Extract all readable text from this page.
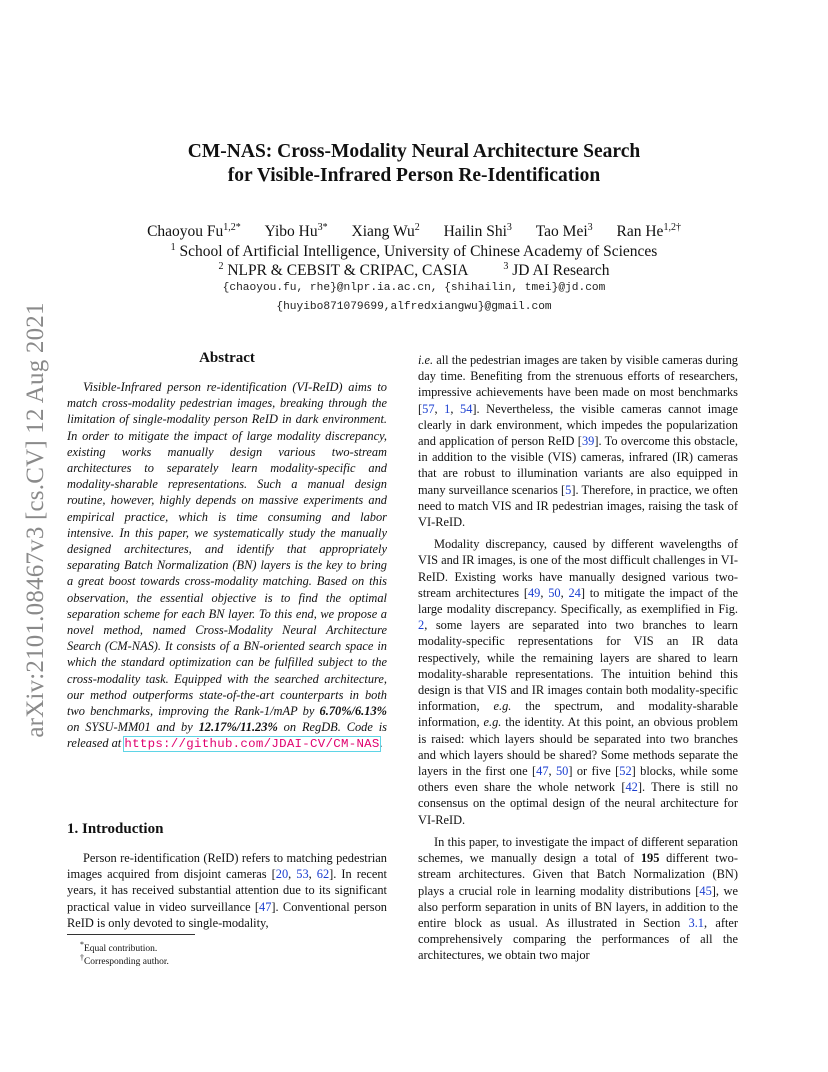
arXiv:2101.08467v3 [cs.CV] 12 Aug 2021
CM-NAS: Cross-Modality Neural Architecture Search
for Visible-Infrared Person Re-Identification
Chaoyou $Fu^{1,2*}$ Yibo $Hu^{3*}$ Xiang Wu$^2$ Hailin Shi$^3$ Tao Mei$^3$ Ran $He^{1,2\dagger}$
$^1$ School of Artificial Intelligence, University of Chinese Academy of Sciences
$^2$ NLPR & CEBSIT & CRIPAC, CASIA	$^3$ JD AI Research
{chaoyou.fu, rhe}@nlpr.ia.ac.cn, {shihailin, tmei}@jd.com
{huyibo871079699,alfredxiangwu}@gmail.com
Abstract

Visible-Infrared person re-identification (VI-ReID) aims to match cross-modality pedestrian images, breaking through the limitation of single-modality person ReID in dark environment. In order to mitigate the impact of large modality discrepancy, existing works manually design various two-stream architectures to separately learn modality-specific and modality-sharable representations. Such a manual design routine, however, highly depends on massive experiments and empirical practice, which is time consuming and labor intensive. In this paper, we systematically study the manually designed architectures, and identify that appropriately separating Batch Normalization (BN) layers is the key to bring a great boost towards cross-modality matching. Based on this observation, the essential objective is to find the optimal separation scheme for each BN layer. To this end, we propose a novel method, named Cross-Modality Neural Architecture Search (CM-NAS). It consists of a BN-oriented search space in which the standard optimization can be fulfilled subject to the cross-modality task. Equipped with the searched architecture, our method outperforms state-of-the-art counterparts in both two benchmarks, improving the Rank-1/mAP by 6.70%/6.13% on SYSU-MM01 and by 12.17%/11.23% on RegDB. Code is released at https://github.com/JDAI-CV/CM-NAS.

1. Introduction

Person re-identification (ReID) refers to matching pedestrian images acquired from disjoint cameras [20, 53, 62]. In recent years, it has received substantial attention due to its significant practical value in video surveillance [47]. Conventional person ReID is only devoted to single-modality,

*Equal contribution.
†Corresponding author.

i.e. all the pedestrian images are taken by visible cameras during day time. Benefiting from the strenuous efforts of researchers, impressive achievements have been made on most benchmarks [57, 1, 54]. Nevertheless, the visible cameras cannot image clearly in dark environment, which impedes the popularization and application of person ReID [39]. To overcome this obstacle, in addition to the visible (VIS) cameras, infrared (IR) cameras that are robust to illumination variants are also equipped in many surveillance scenarios [5]. Therefore, in practice, we often need to match VIS and IR pedestrian images, raising the task of VI-ReID.

Modality discrepancy, caused by different wavelengths of VIS and IR images, is one of the most difficult challenges in VI-ReID. Existing works have manually designed various two-stream architectures [49, 50, 24] to mitigate the impact of the large modality discrepancy. Specifically, as exemplified in Fig. 2, some layers are separated into two branches to learn modality-specific representations for VIS an IR data respectively, while the remaining layers are shared to learn modality-sharable representations. The intuition behind this design is that VIS and IR images contain both modality-specific information, e.g. the spectrum, and modality-sharable information, e.g. the identity. At this point, an obvious problem is raised: which layers should be separated into two branches and which layers should be shared? Some methods separate the layers in the first one [47, 50] or five [52] blocks, while some others even share the whole network [42]. There is still no consensus on the optimal design of the neural architecture for VI-ReID.

In this paper, to investigate the impact of different separation schemes, we manually design a total of 195 different two-stream architectures. Given that Batch Normalization (BN) plays a crucial role in learning modality distributions [45], we also perform separation in units of BN layers, in addition to the entire block as usual. As illustrated in Section 3.1, after comprehensively comparing the performances of all the architectures, we obtain two major
